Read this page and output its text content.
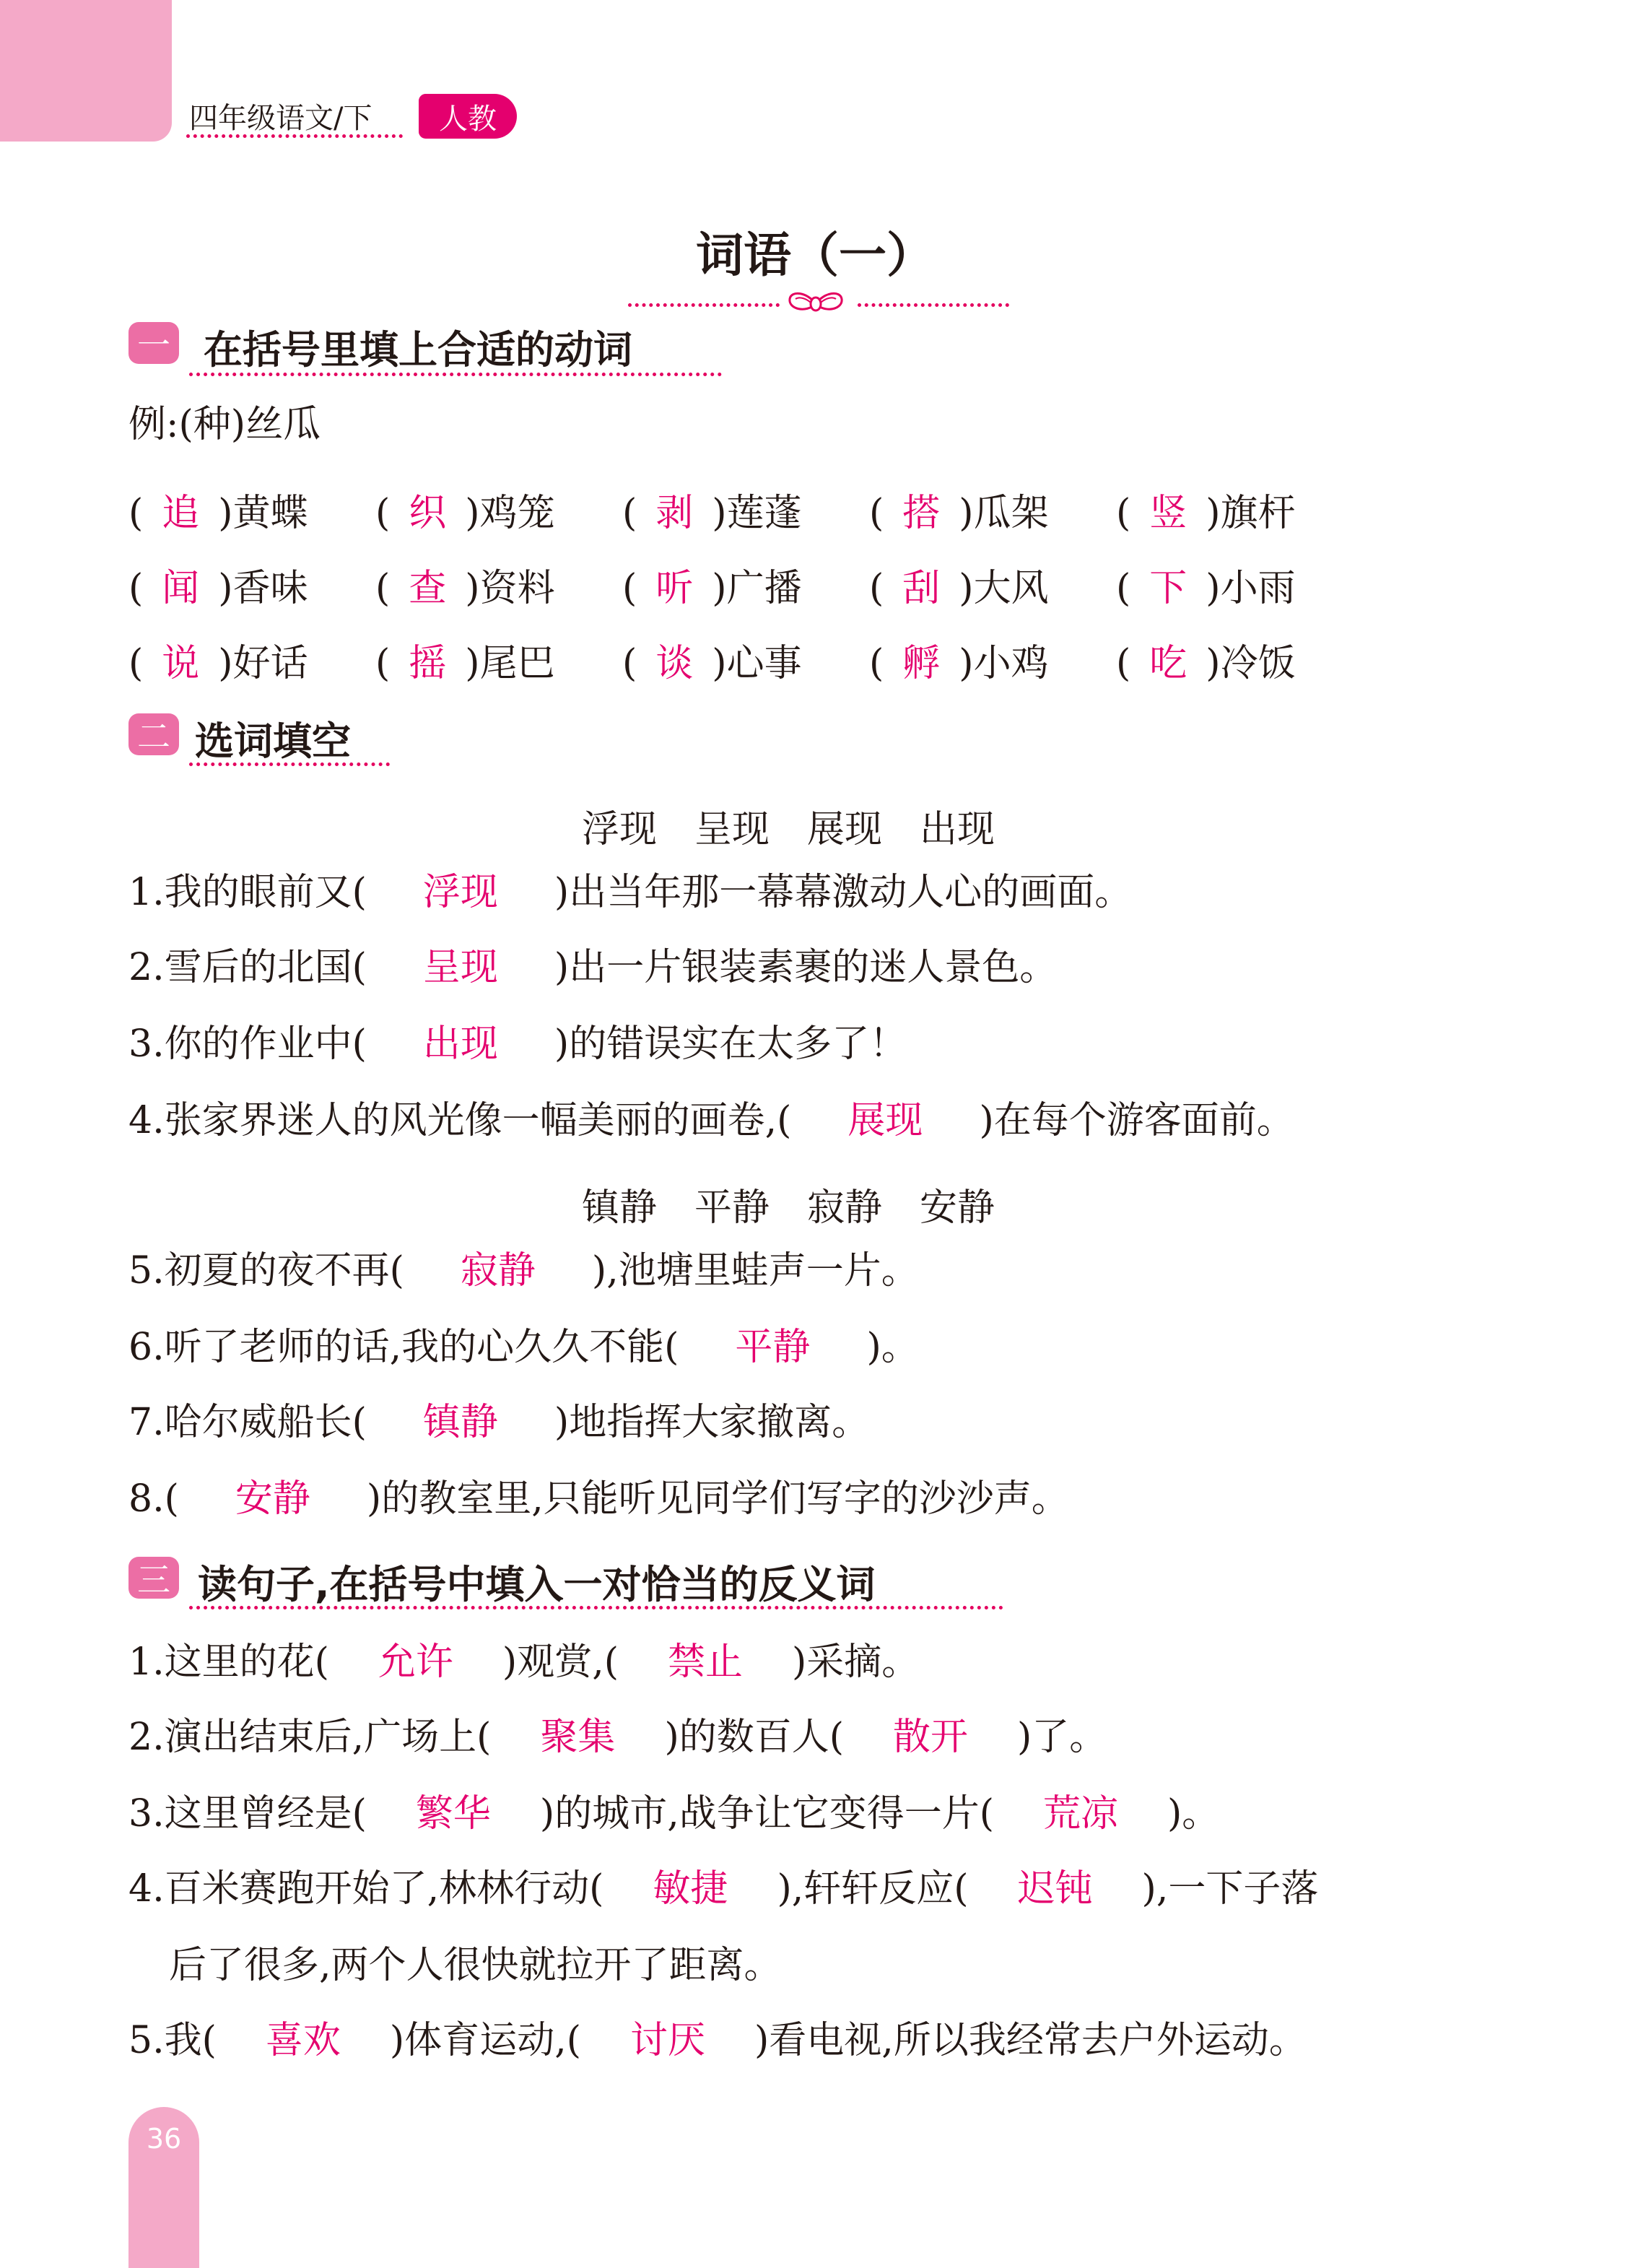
四年级语文/下	人教
词语（一）
一 在括号里填上合适的动词
例:(种)丝瓜
( 追 )黄蝶	( 织 )鸡笼	( 剥 )莲蓬	( 搭 )瓜架	( 竖 )旗杆
( 闻 )香味	( 查 )资料	( 听 )广播	( 刮 )大风	( 下 )小雨
( 说 )好话	( 摇 )尾巴	( 谈 )心事	( 孵 )小鸡	( 吃 )冷饭
二 选词填空
浮现 呈现 展现 出现
1.我的眼前又( 浮现 )出当年那一幕幕激动人心的画面。
2.雪后的北国( 呈现 )出一片银装素裹的迷人景色。
3.你的作业中( 出现 )的错误实在太多了！
4.张家界迷人的风光像一幅美丽的画卷,( 展现 )在每个游客面前。
镇静 平静 寂静 安静
5.初夏的夜不再( 寂静 ),池塘里蛙声一片。
6.听了老师的话,我的心久久不能( 平静 )。
7.哈尔威船长( 镇静 )地指挥大家撤离。
8.( 安静 )的教室里,只能听见同学们写字的沙沙声。
三 读句子,在括号中填入一对恰当的反义词
1.这里的花( 允许 )观赏,( 禁止 )采摘。
2.演出结束后,广场上( 聚集 )的数百人( 散开 )了。
3.这里曾经是( 繁华 )的城市,战争让它变得一片( 荒凉 )。
4.百米赛跑开始了,林林行动( 敏捷 ),轩轩反应( 迟钝 ),一下子落
后了很多,两个人很快就拉开了距离。
5.我( 喜欢 )体育运动,( 讨厌 )看电视,所以我经常去户外运动。
36
